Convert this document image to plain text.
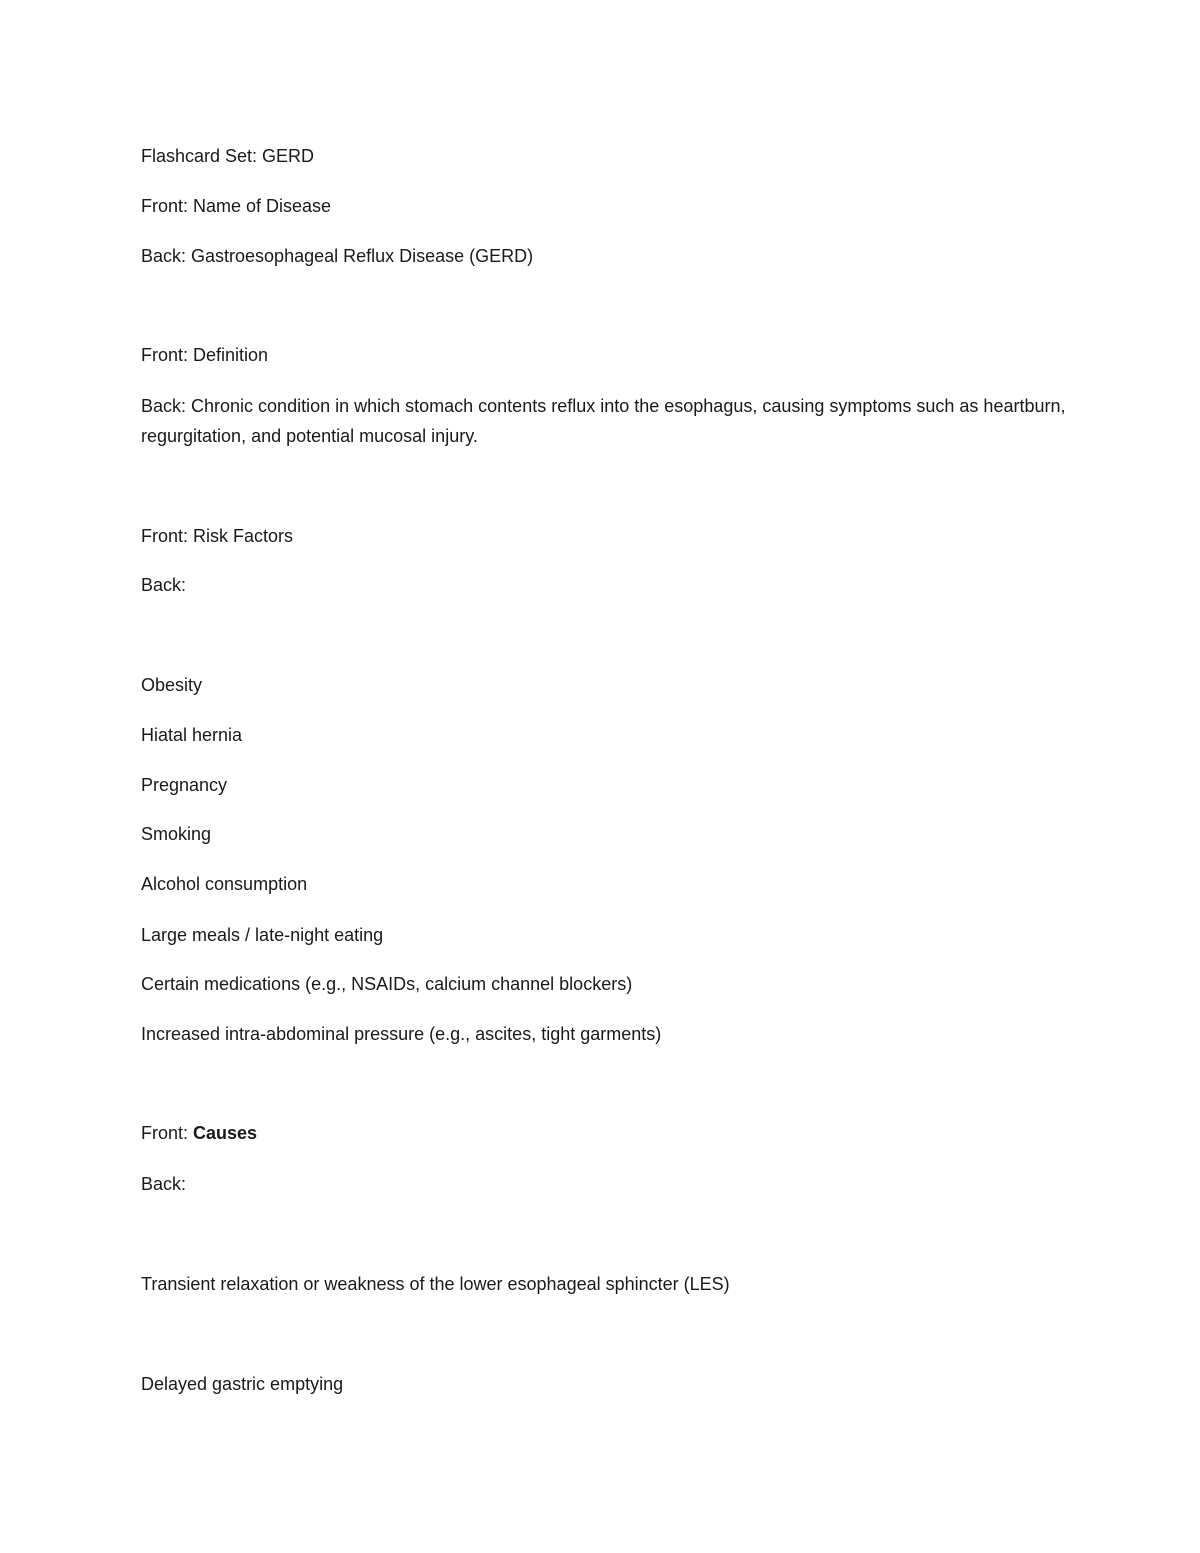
Flashcard Set: GERD
Front: Name of Disease
Back: Gastroesophageal Reflux Disease (GERD)
Front: Definition
Back: Chronic condition in which stomach contents reflux into the esophagus, causing symptoms such as heartburn, regurgitation, and potential mucosal injury.
Front: Risk Factors
Back:
Obesity
Hiatal hernia
Pregnancy
Smoking
Alcohol consumption
Large meals / late-night eating
Certain medications (e.g., NSAIDs, calcium channel blockers)
Increased intra-abdominal pressure (e.g., ascites, tight garments)
Front: Causes
Back:
Transient relaxation or weakness of the lower esophageal sphincter (LES)
Delayed gastric emptying
